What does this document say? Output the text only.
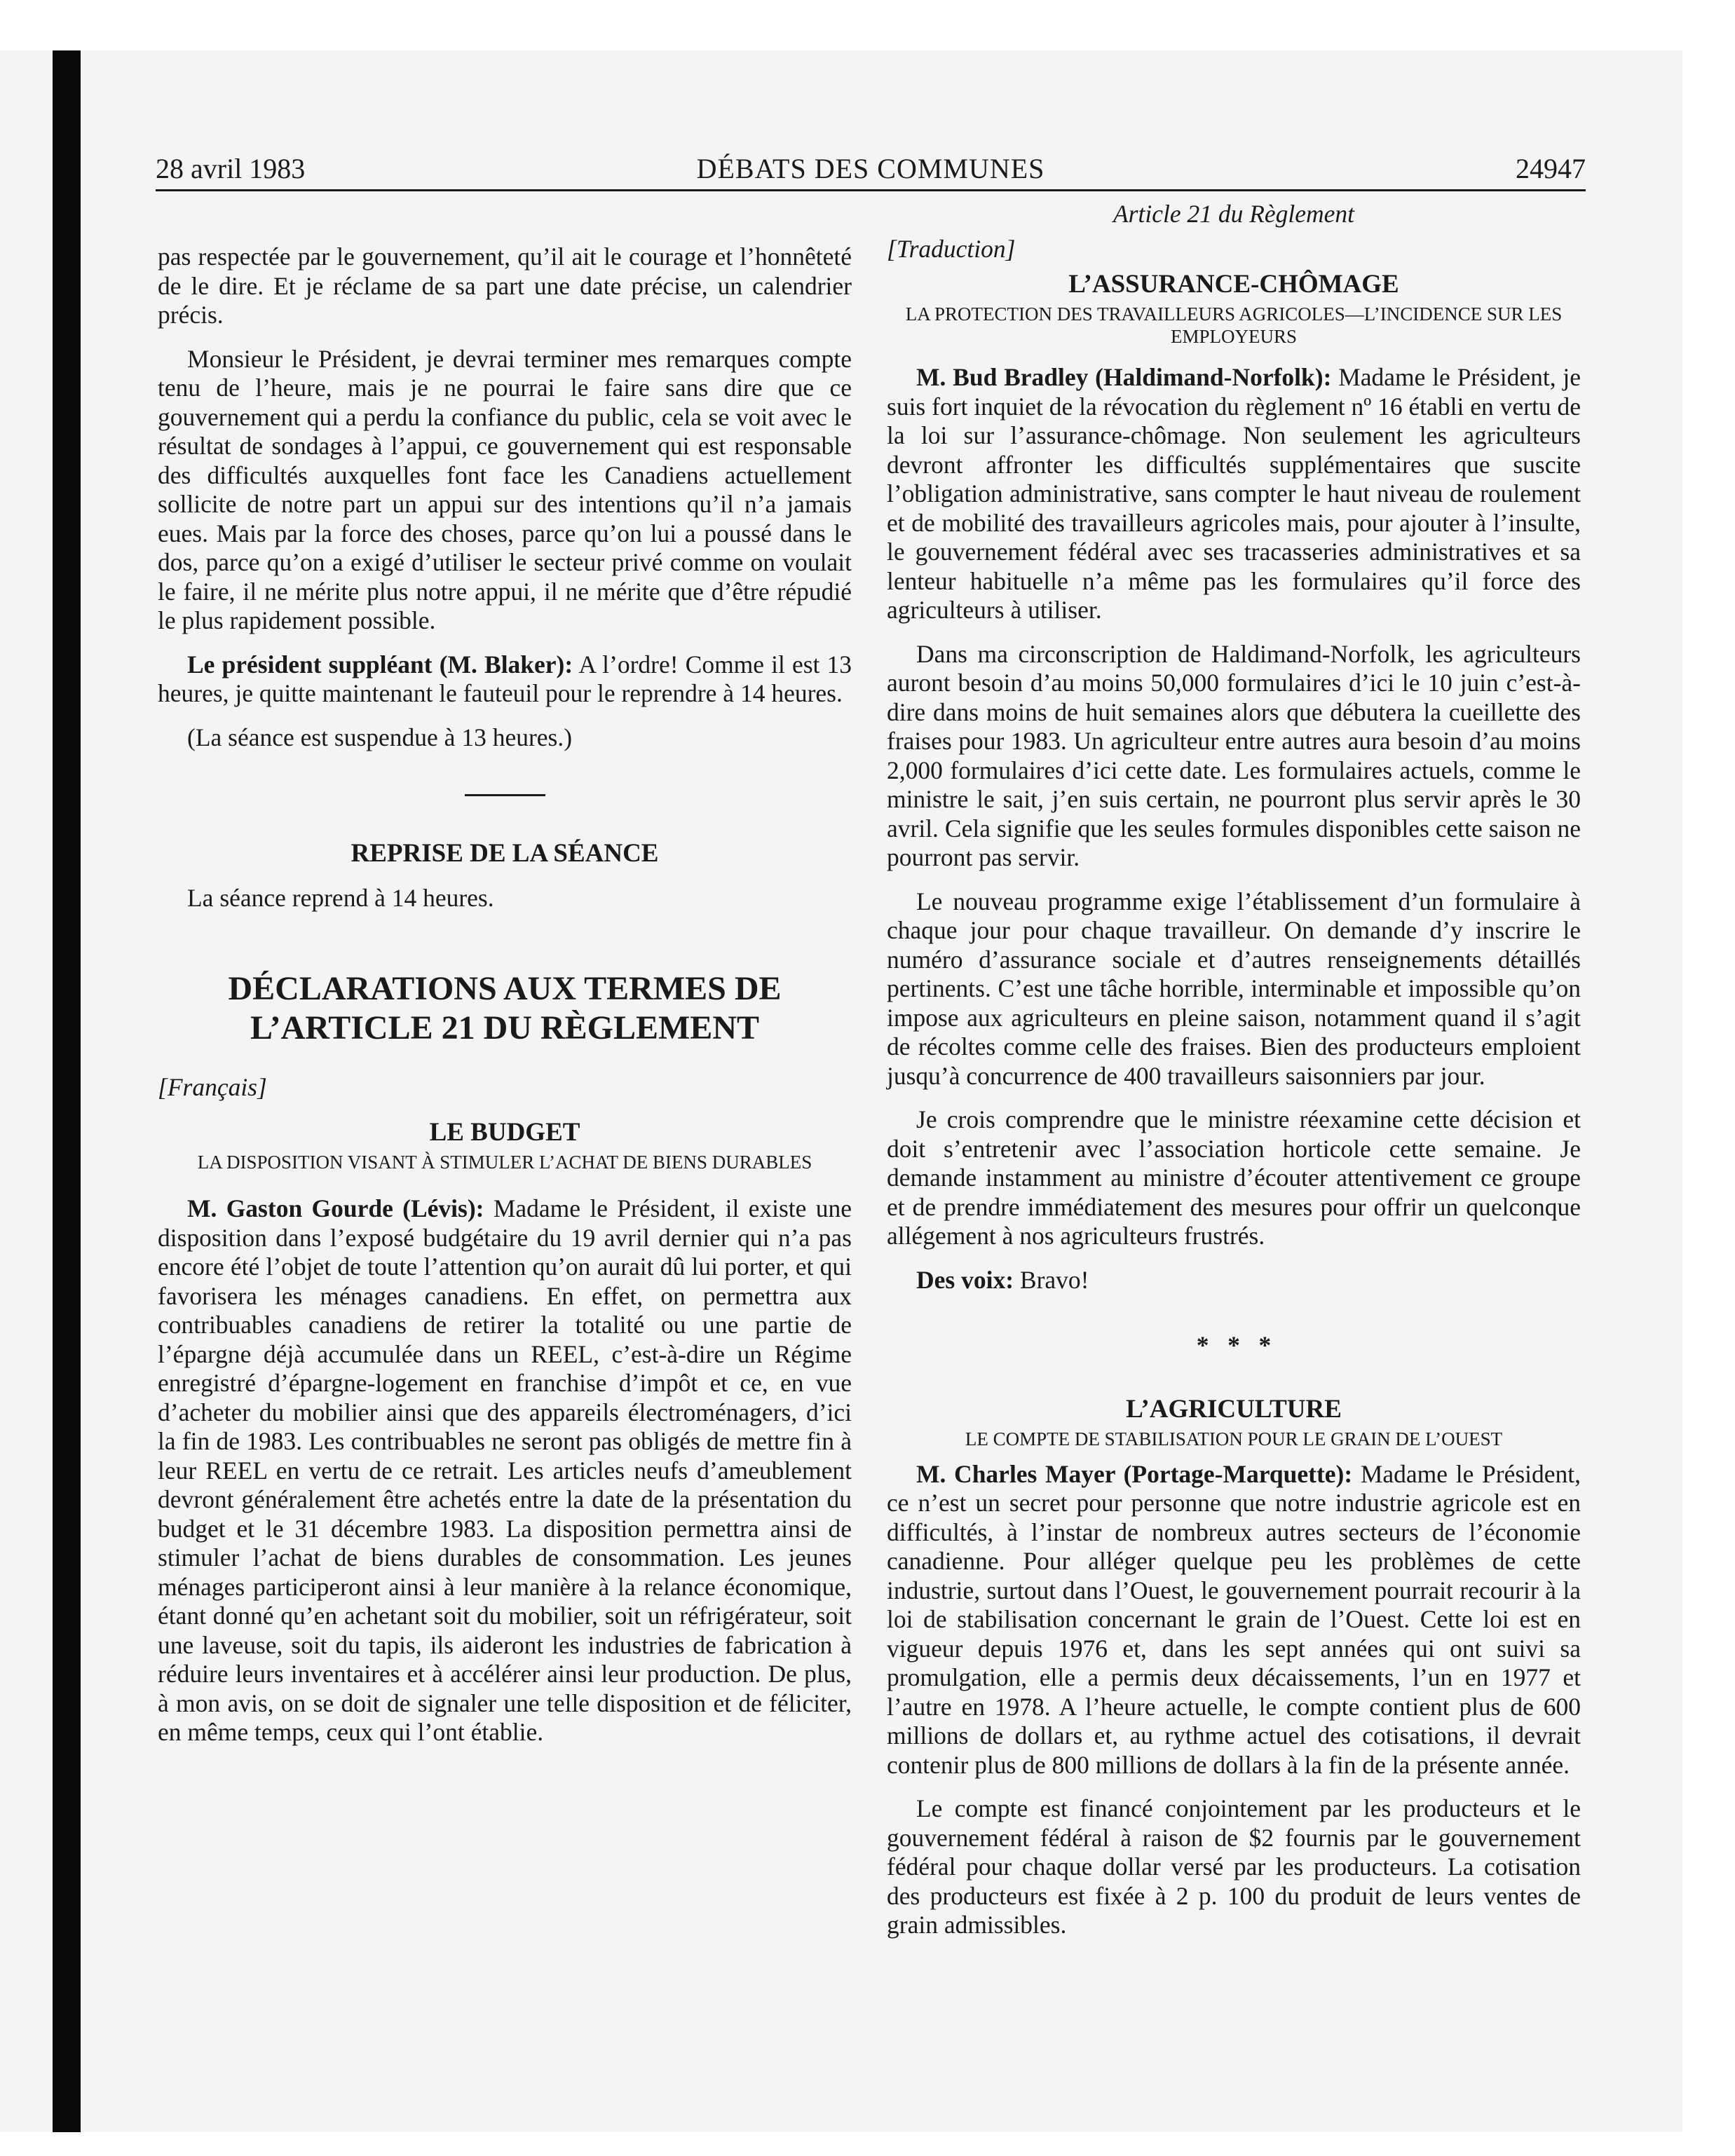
28 avril 1983	DÉBATS DES COMMUNES	24947

pas respectée par le gouvernement, qu’il ait le courage et l’honnêteté de le dire. Et je réclame de sa part une date précise, un calendrier précis.

Monsieur le Président, je devrai terminer mes remarques compte tenu de l’heure, mais je ne pourrai le faire sans dire que ce gouvernement qui a perdu la confiance du public, cela se voit avec le résultat de sondages à l’appui, ce gouvernement qui est responsable des difficultés auxquelles font face les Canadiens actuellement sollicite de notre part un appui sur des intentions qu’il n’a jamais eues. Mais par la force des choses, parce qu’on lui a poussé dans le dos, parce qu’on a exigé d’utiliser le secteur privé comme on voulait le faire, il ne mérite plus notre appui, il ne mérite que d’être répudié le plus rapidement possible.

Le président suppléant (M. Blaker): A l’ordre! Comme il est 13 heures, je quitte maintenant le fauteuil pour le reprendre à 14 heures.

(La séance est suspendue à 13 heures.)

REPRISE DE LA SÉANCE

La séance reprend à 14 heures.

DÉCLARATIONS AUX TERMES DE

L’ARTICLE 21 DU RÈGLEMENT

[Français]

LE BUDGET

LA DISPOSITION VISANT À STIMULER L’ACHAT DE BIENS DURABLES

M. Gaston Gourde (Lévis): Madame le Président, il existe une disposition dans l’exposé budgétaire du 19 avril dernier qui n’a pas encore été l’objet de toute l’attention qu’on aurait dû lui porter, et qui favorisera les ménages canadiens. En effet, on permettra aux contribuables canadiens de retirer la totalité ou une partie de l’épargne déjà accumulée dans un REEL, c’est-à-dire un Régime enregistré d’épargne-logement en franchise d’impôt et ce, en vue d’acheter du mobilier ainsi que des appareils électroménagers, d’ici la fin de 1983. Les contribuables ne seront pas obligés de mettre fin à leur REEL en vertu de ce retrait. Les articles neufs d’ameublement devront généralement être achetés entre la date de la présentation du budget et le 31 décembre 1983. La disposition permettra ainsi de stimuler l’achat de biens durables de consommation. Les jeunes ménages participeront ainsi à leur manière à la relance économique, étant donné qu’en achetant soit du mobilier, soit un réfrigérateur, soit une laveuse, soit du tapis, ils aideront les industries de fabrication à réduire leurs inventaires et à accélérer ainsi leur production. De plus, à mon avis, on se doit de signaler une telle disposition et de féliciter, en même temps, ceux qui l’ont établie.

Article 21 du Règlement

[Traduction]

L’ASSURANCE-CHÔMAGE

LA PROTECTION DES TRAVAILLEURS AGRICOLES—L’INCIDENCE SUR LES EMPLOYEURS

M. Bud Bradley (Haldimand-Norfolk): Madame le Président, je suis fort inquiet de la révocation du règlement nº 16 établi en vertu de la loi sur l’assurance-chômage. Non seulement les agriculteurs devront affronter les difficultés supplémentaires que suscite l’obligation administrative, sans compter le haut niveau de roulement et de mobilité des travailleurs agricoles mais, pour ajouter à l’insulte, le gouvernement fédéral avec ses tracasseries administratives et sa lenteur habituelle n’a même pas les formulaires qu’il force des agriculteurs à utiliser.

Dans ma circonscription de Haldimand-Norfolk, les agriculteurs auront besoin d’au moins 50,000 formulaires d’ici le 10 juin c’est-à-dire dans moins de huit semaines alors que débutera la cueillette des fraises pour 1983. Un agriculteur entre autres aura besoin d’au moins 2,000 formulaires d’ici cette date. Les formulaires actuels, comme le ministre le sait, j’en suis certain, ne pourront plus servir après le 30 avril. Cela signifie que les seules formules disponibles cette saison ne pourront pas servir.

Le nouveau programme exige l’établissement d’un formulaire à chaque jour pour chaque travailleur. On demande d’y inscrire le numéro d’assurance sociale et d’autres renseignements détaillés pertinents. C’est une tâche horrible, interminable et impossible qu’on impose aux agriculteurs en pleine saison, notamment quand il s’agit de récoltes comme celle des fraises. Bien des producteurs emploient jusqu’à concurrence de 400 travailleurs saisonniers par jour.

Je crois comprendre que le ministre réexamine cette décision et doit s’entretenir avec l’association horticole cette semaine. Je demande instamment au ministre d’écouter attentivement ce groupe et de prendre immédiatement des mesures pour offrir un quelconque allégement à nos agriculteurs frustrés.

Des voix: Bravo!

*   *   *

L’AGRICULTURE

LE COMPTE DE STABILISATION POUR LE GRAIN DE L’OUEST

M. Charles Mayer (Portage-Marquette): Madame le Président, ce n’est un secret pour personne que notre industrie agricole est en difficultés, à l’instar de nombreux autres secteurs de l’économie canadienne. Pour alléger quelque peu les problèmes de cette industrie, surtout dans l’Ouest, le gouvernement pourrait recourir à la loi de stabilisation concernant le grain de l’Ouest. Cette loi est en vigueur depuis 1976 et, dans les sept années qui ont suivi sa promulgation, elle a permis deux décaissements, l’un en 1977 et l’autre en 1978. A l’heure actuelle, le compte contient plus de 600 millions de dollars et, au rythme actuel des cotisations, il devrait contenir plus de 800 millions de dollars à la fin de la présente année.

Le compte est financé conjointement par les producteurs et le gouvernement fédéral à raison de $2 fournis par le gouvernement fédéral pour chaque dollar versé par les producteurs. La cotisation des producteurs est fixée à 2 p. 100 du produit de leurs ventes de grain admissibles.
